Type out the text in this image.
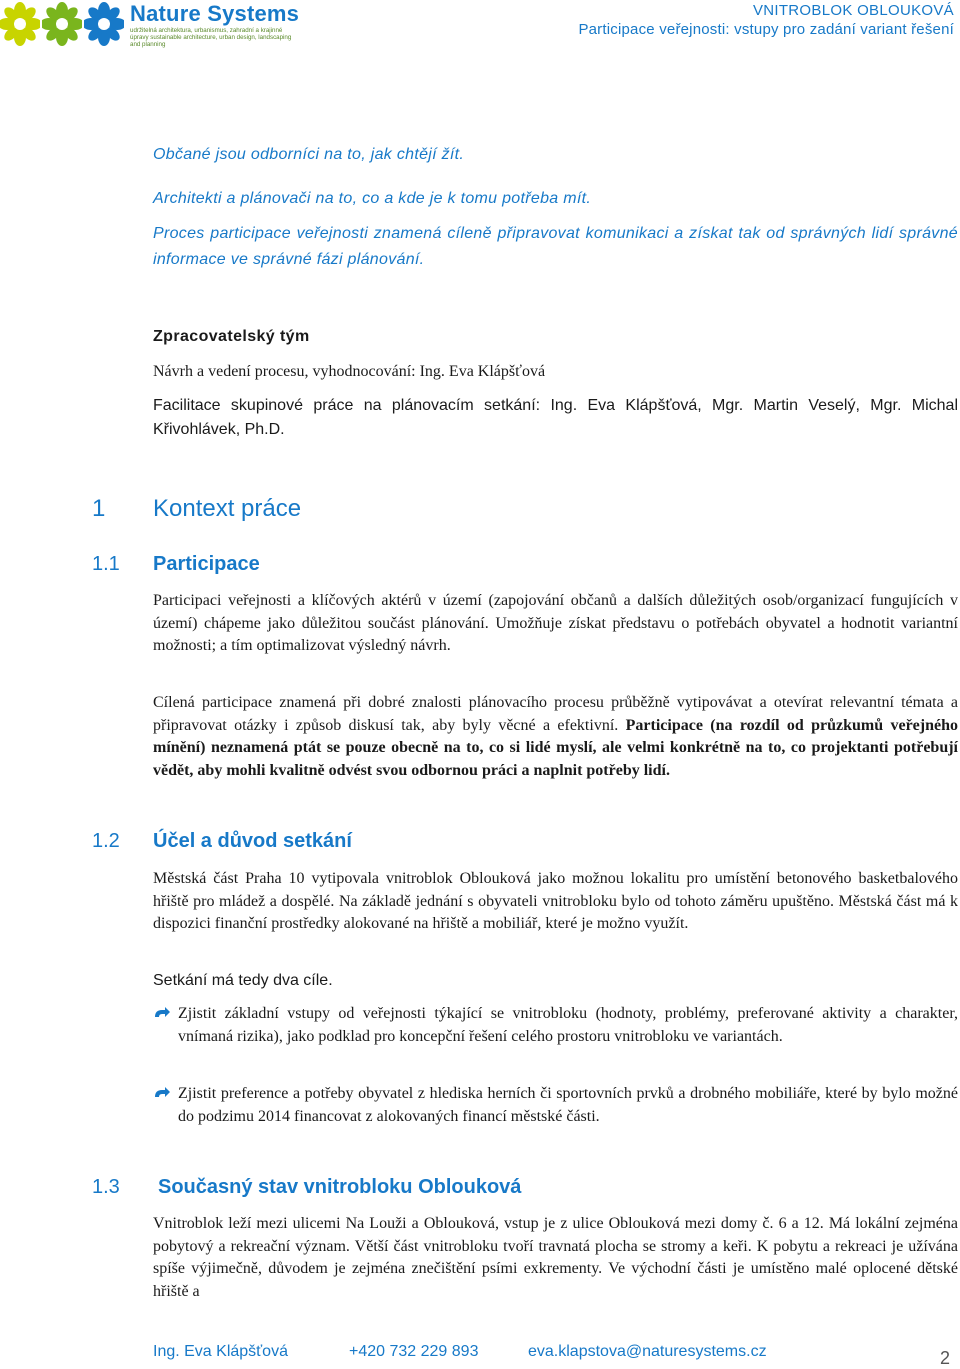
Nature Systems
udržitelná architektura, urbanismus, zahradní a krajinné úpravy sustainable architecture, urban design, landscaping and planning
VNITROBLOK OBLOUKOVÁ
Participace veřejnosti: vstupy pro zadání variant řešení
Občané jsou odborníci na to, jak chtějí žít.
Architekti a plánovači na to, co a kde je k tomu potřeba mít.
Proces participace veřejnosti znamená cíleně připravovat komunikaci a získat tak od správných lidí správné informace ve správné fázi plánování.
Zpracovatelský tým
Návrh a vedení procesu, vyhodnocování: Ing. Eva Klápšťová
Facilitace skupinové práce na plánovacím setkání: Ing. Eva Klápšťová, Mgr. Martin Veselý, Mgr. Michal Křivohlávek, Ph.D.
1 Kontext práce
1.1 Participace
Participaci veřejnosti a klíčových aktérů v území (zapojování občanů a dalších důležitých osob/organizací fungujících v území) chápeme jako důležitou součást plánování. Umožňuje získat představu o potřebách obyvatel a hodnotit variantní možnosti; a tím optimalizovat výsledný návrh.
Cílená participace znamená při dobré znalosti plánovacího procesu průběžně vytipovávat a otevírat relevantní témata a připravovat otázky i způsob diskusí tak, aby byly věcné a efektivní. Participace (na rozdíl od průzkumů veřejného mínění) neznamená ptát se pouze obecně na to, co si lidé myslí, ale velmi konkrétně na to, co projektanti potřebují vědět, aby mohli kvalitně odvést svou odbornou práci a naplnit potřeby lidí.
1.2 Účel a důvod setkání
Městská část Praha 10 vytipovala vnitroblok Oblouková jako možnou lokalitu pro umístění betonového basketbalového hřiště pro mládež a dospělé. Na základě jednání s obyvateli vnitrobloku bylo od tohoto záměru upuštěno. Městská část má k dispozici finanční prostředky alokované na hřiště a mobiliář, které je možno využít.
Setkání má tedy dva cíle.
Zjistit základní vstupy od veřejnosti týkající se vnitrobloku (hodnoty, problémy, preferované aktivity a charakter, vnímaná rizika), jako podklad pro koncepční řešení celého prostoru vnitrobloku ve variantách.
Zjistit preference a potřeby obyvatel z hlediska herních či sportovních prvků a drobného mobiliáře, které by bylo možné do podzimu 2014 financovat z alokovaných financí městské části.
1.3 Současný stav vnitrobloku Oblouková
Vnitroblok leží mezi ulicemi Na Louži a Oblouková, vstup je z ulice Oblouková mezi domy č. 6 a 12. Má lokální zejména pobytový a rekreační význam. Větší část vnitrobloku tvoří travnatá plocha se stromy a keři. K pobytu a rekreaci je užívána spíše výjimečně, důvodem je zejména znečištění psími exkrementy. Ve východní části je umístěno malé oplocené dětské hřiště a
Ing. Eva Klápšťová	+420 732 229 893	eva.klapstova@naturesystems.cz	2
